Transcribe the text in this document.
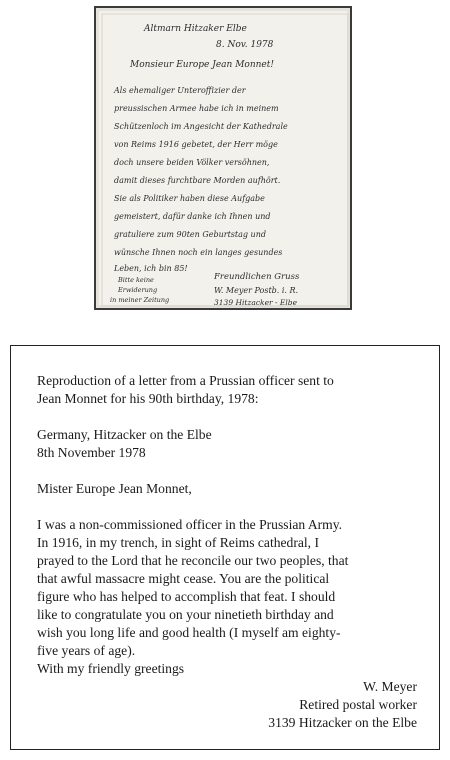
Altmarn Hitzaker Elbe
8. Nov. 1978
Monsieur Europe Jean Monnet!
Als ehemaliger Unteroffizier der
preussischen Armee habe ich in meinem
Schützenloch im Angesicht der Kathedrale
von Reims 1916 gebetet, der Herr möge
doch unsere beiden Völker versöhnen,
damit dieses furchtbare Morden aufhört.
Sie als Politiker haben diese Aufgabe
gemeistert, dafür danke ich Ihnen und
gratuliere zum 90ten Geburtstag und
wünsche Ihnen noch ein langes gesundes
Leben, ich bin 85!
Freundlichen Gruss
W. Meyer Postb. i. R.
3139 Hitzacker - Elbe
Bitte keine
Erwiderung
in meiner Zeitung
Reproduction of a letter from a Prussian officer sent to
Jean Monnet for his 90th birthday, 1978:
Germany, Hitzacker on the Elbe
8th November 1978
Mister Europe Jean Monnet,
I was a non-commissioned officer in the Prussian Army.
In 1916, in my trench, in sight of Reims cathedral, I
prayed to the Lord that he reconcile our two peoples, that
that awful massacre might cease. You are the political
figure who has helped to accomplish that feat. I should
like to congratulate you on your ninetieth birthday and
wish you long life and good health (I myself am eighty-
five years of age).
With my friendly greetings
W. Meyer
Retired postal worker
3139 Hitzacker on the Elbe
